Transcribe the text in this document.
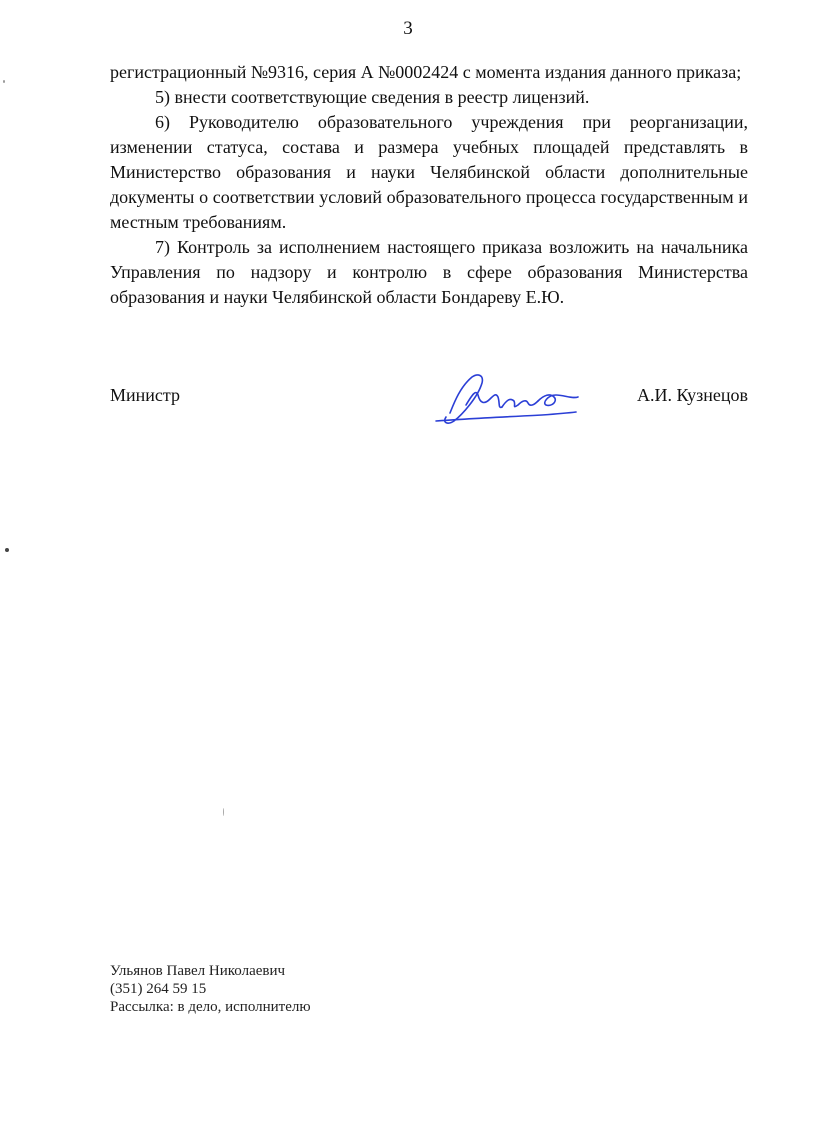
3

регистрационный №9316, серия А №0002424 с момента издания данного приказа;

5) внести соответствующие сведения в реестр лицензий.

6) Руководителю образовательного учреждения при реорганизации, изменении статуса, состава и размера учебных площадей представлять в Министерство образования и науки Челябинской области дополнительные документы о соответствии условий образовательного процесса государственным и местным требованиям.

7) Контроль за исполнением настоящего приказа возложить на начальника Управления по надзору и контролю в сфере образования Министерства образования и науки Челябинской области Бондареву Е.Ю.

Министр	А.И. Кузнецов
Ульянов Павел Николаевич
(351) 264 59 15
Рассылка: в дело, исполнителю
